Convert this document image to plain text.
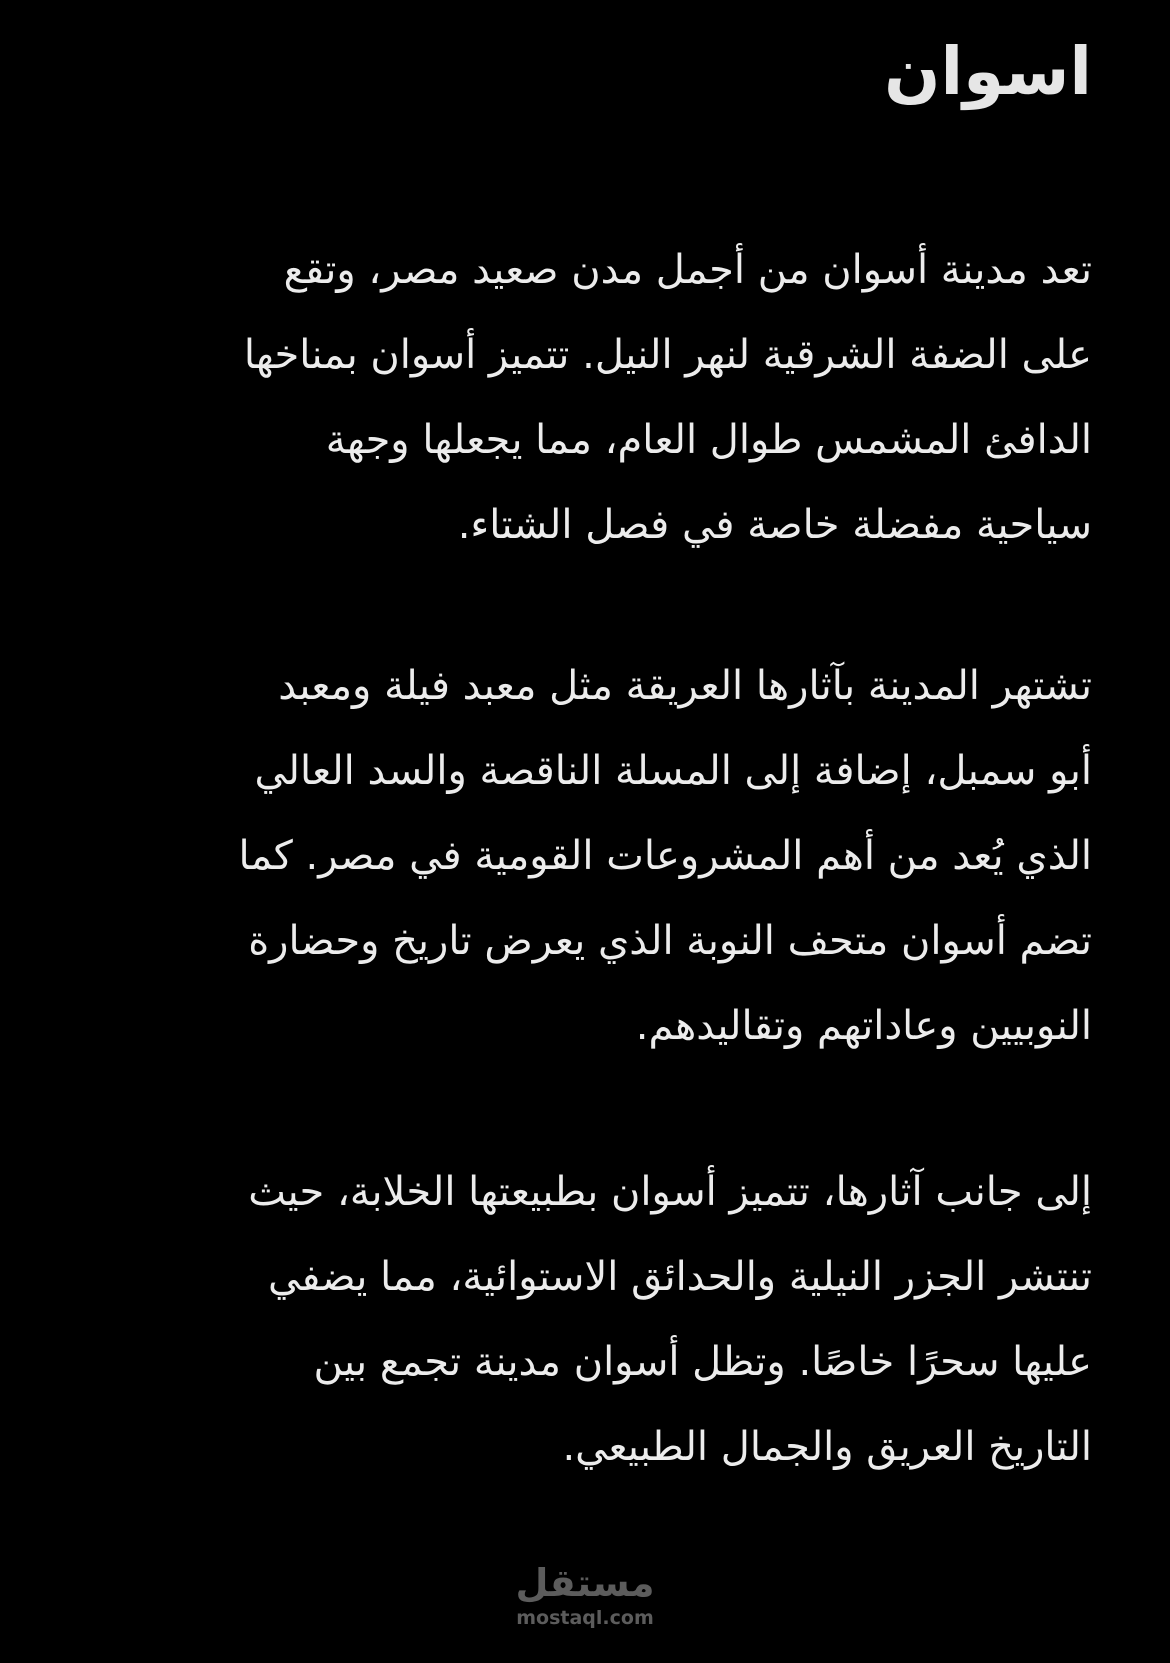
اسوان
تعد مدينة أسوان من أجمل مدن صعيد مصر، وتقع
على الضفة الشرقية لنهر النيل. تتميز أسوان بمناخها
الدافئ المشمس طوال العام، مما يجعلها وجهة
سياحية مفضلة خاصة في فصل الشتاء.
تشتهر المدينة بآثارها العريقة مثل معبد فيلة ومعبد
أبو سمبل، إضافة إلى المسلة الناقصة والسد العالي
الذي يُعد من أهم المشروعات القومية في مصر. كما
تضم أسوان متحف النوبة الذي يعرض تاريخ وحضارة
النوبيين وعاداتهم وتقاليدهم.
إلى جانب آثارها، تتميز أسوان بطبيعتها الخلابة، حيث
تنتشر الجزر النيلية والحدائق الاستوائية، مما يضفي
عليها سحرًا خاصًا. وتظل أسوان مدينة تجمع بين
التاريخ العريق والجمال الطبيعي.
مستقل
mostaql.com
